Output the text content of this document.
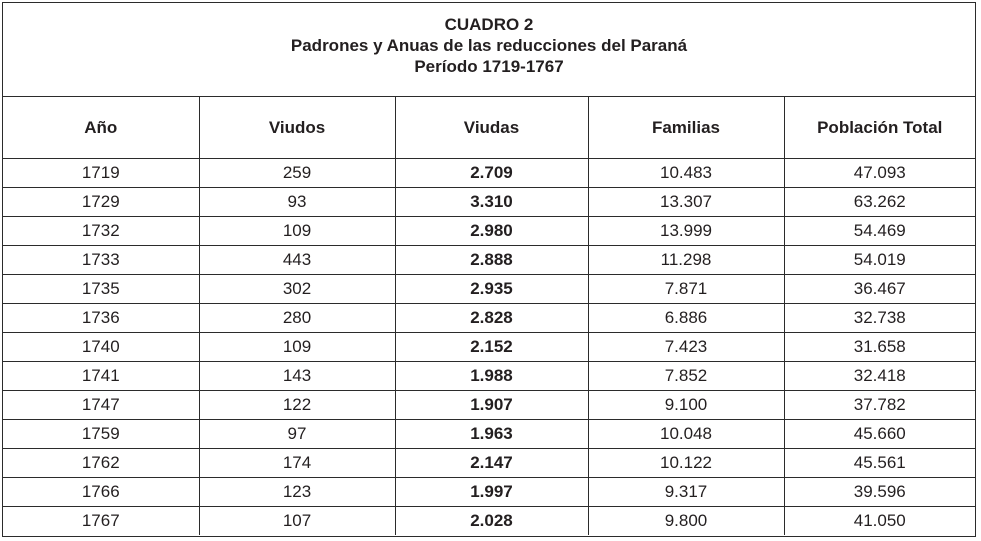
CUADRO 2
Padrones y Anuas de las reducciones del Paraná
Período 1719-1767
Año	Viudos	Viudas	Familias	Población Total
1719	259	2.709	10.483	47.093
1729	93	3.310	13.307	63.262
1732	109	2.980	13.999	54.469
1733	443	2.888	11.298	54.019
1735	302	2.935	7.871	36.467
1736	280	2.828	6.886	32.738
1740	109	2.152	7.423	31.658
1741	143	1.988	7.852	32.418
1747	122	1.907	9.100	37.782
1759	97	1.963	10.048	45.660
1762	174	2.147	10.122	45.561
1766	123	1.997	9.317	39.596
1767	107	2.028	9.800	41.050
